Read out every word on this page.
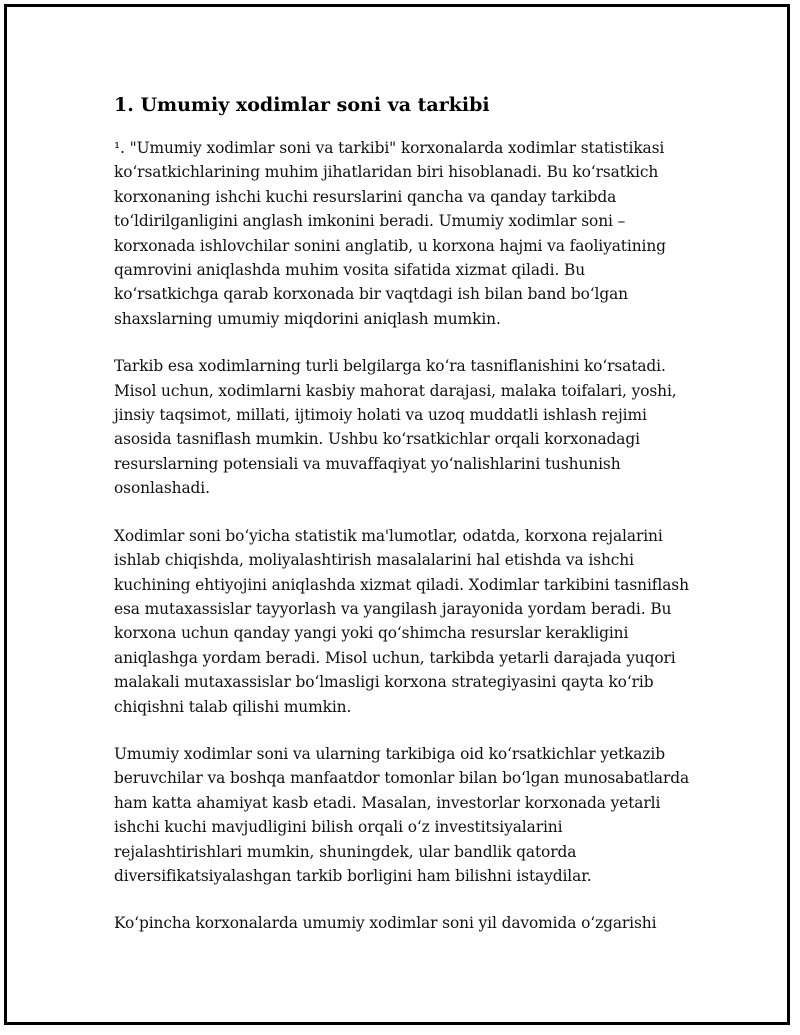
1. Umumiy xodimlar soni va tarkibi

¹. "Umumiy xodimlar soni va tarkibi" korxonalarda xodimlar statistikasi ko‘rsatkichlarining muhim jihatlaridan biri hisoblanadi. Bu ko‘rsatkich korxonaning ishchi kuchi resurslarini qancha va qanday tarkibda to‘ldirilganligini anglash imkonini beradi. Umumiy xodimlar soni – korxonada ishlovchilar sonini anglatib, u korxona hajmi va faoliyatining qamrovini aniqlashda muhim vosita sifatida xizmat qiladi. Bu ko‘rsatkichga qarab korxonada bir vaqtdagi ish bilan band bo‘lgan shaxslarning umumiy miqdorini aniqlash mumkin.

Tarkib esa xodimlarning turli belgilarga ko‘ra tasniflanishini ko‘rsatadi. Misol uchun, xodimlarni kasbiy mahorat darajasi, malaka toifalari, yoshi, jinsiy taqsimot, millati, ijtimoiy holati va uzoq muddatli ishlash rejimi asosida tasniflash mumkin. Ushbu ko‘rsatkichlar orqali korxonadagi resurslarning potensiali va muvaffaqiyat yo‘nalishlarini tushunish osonlashadi.

Xodimlar soni bo‘yicha statistik ma'lumotlar, odatda, korxona rejalarini ishlab chiqishda, moliyalashtirish masalalarini hal etishda va ishchi kuchining ehtiyojini aniqlashda xizmat qiladi. Xodimlar tarkibini tasniflash esa mutaxassislar tayyorlash va yangilash jarayonida yordam beradi. Bu korxona uchun qanday yangi yoki qo‘shimcha resurslar kerakligini aniqlashga yordam beradi. Misol uchun, tarkibda yetarli darajada yuqori malakali mutaxassislar bo‘lmasligi korxona strategiyasini qayta ko‘rib chiqishni talab qilishi mumkin.

Umumiy xodimlar soni va ularning tarkibiga oid ko‘rsatkichlar yetkazib beruvchilar va boshqa manfaatdor tomonlar bilan bo‘lgan munosabatlarda ham katta ahamiyat kasb etadi. Masalan, investorlar korxonada yetarli ishchi kuchi mavjudligini bilish orqali o‘z investitsiyalarini rejalashtirishlari mumkin, shuningdek, ular bandlik qatorda diversifikatsiyalashgan tarkib borligini ham bilishni istaydilar.

Ko‘pincha korxonalarda umumiy xodimlar soni yil davomida o‘zgarishi
